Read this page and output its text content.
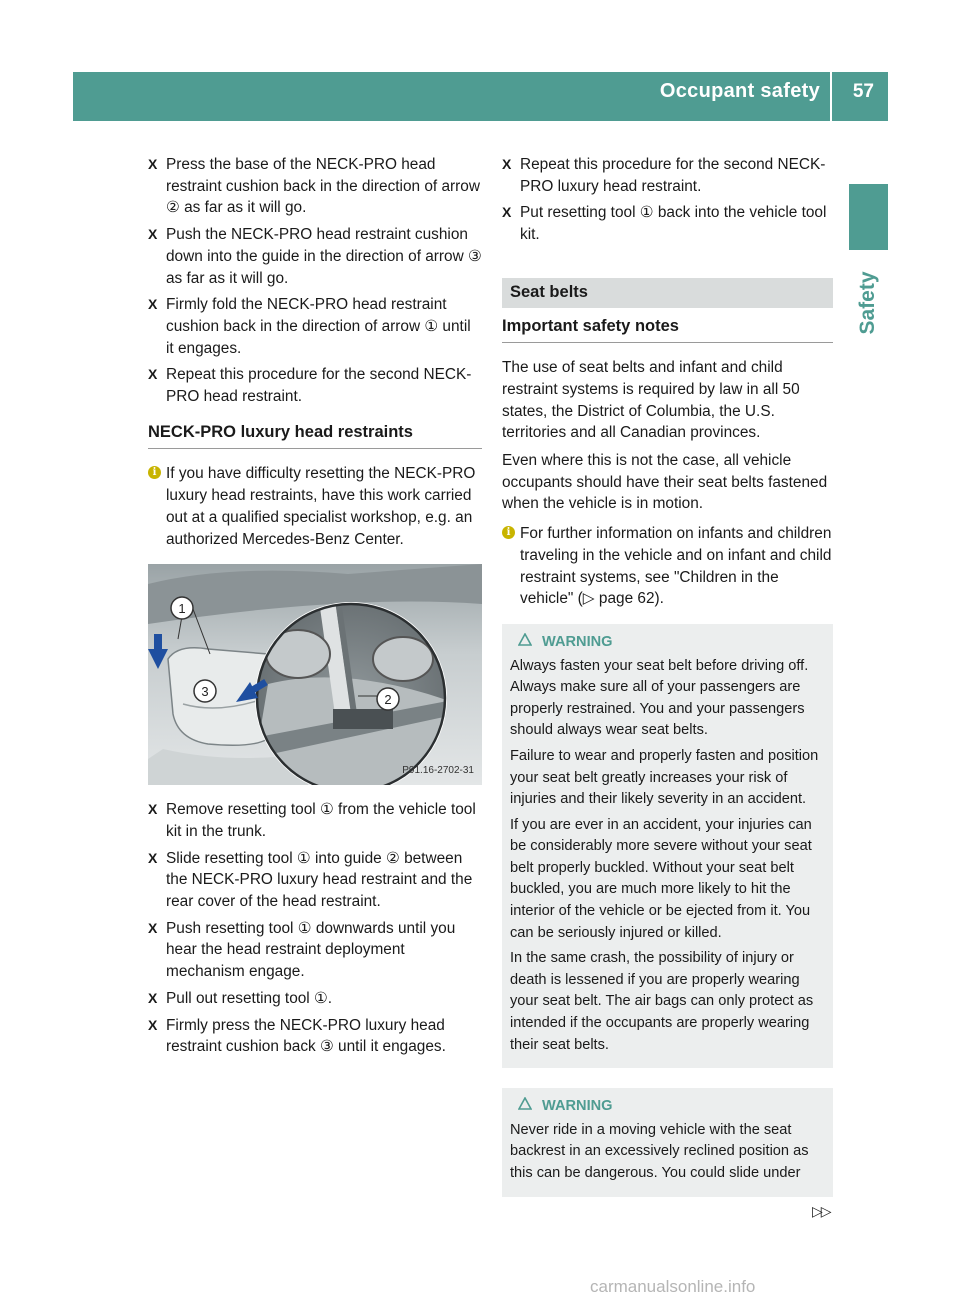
Occupant safety 57
Safety
X Press the base of the NECK-PRO head restraint cushion back in the direction of arrow ② as far as it will go.
X Push the NECK-PRO head restraint cushion down into the guide in the direction of arrow ③ as far as it will go.
X Firmly fold the NECK-PRO head restraint cushion back in the direction of arrow ① until it engages.
X Repeat this procedure for the second NECK-PRO head restraint.
NECK-PRO luxury head restraints
i If you have difficulty resetting the NECK-PRO luxury head restraints, have this work carried out at a qualified specialist workshop, e.g. an authorized Mercedes-Benz Center.
1
3
2
P91.16-2702-31
X Remove resetting tool ① from the vehicle tool kit in the trunk.
X Slide resetting tool ① into guide ② between the NECK-PRO luxury head restraint and the rear cover of the head restraint.
X Push resetting tool ① downwards until you hear the head restraint deployment mechanism engage.
X Pull out resetting tool ①.
X Firmly press the NECK-PRO luxury head restraint cushion back ③ until it engages.
X Repeat this procedure for the second NECK-PRO luxury head restraint.
X Put resetting tool ① back into the vehicle tool kit.
Seat belts
Important safety notes
The use of seat belts and infant and child restraint systems is required by law in all 50 states, the District of Columbia, the U.S. territories and all Canadian provinces.
Even where this is not the case, all vehicle occupants should have their seat belts fastened when the vehicle is in motion.
i For further information on infants and children traveling in the vehicle and on infant and child restraint systems, see "Children in the vehicle" (▷ page 62).
WARNING

Always fasten your seat belt before driving off. Always make sure all of your passengers are properly restrained. You and your passengers should always wear seat belts.

Failure to wear and properly fasten and position your seat belt greatly increases your risk of injuries and their likely severity in an accident.

If you are ever in an accident, your injuries can be considerably more severe without your seat belt properly buckled. Without your seat belt buckled, you are much more likely to hit the interior of the vehicle or be ejected from it. You can be seriously injured or killed.

In the same crash, the possibility of injury or death is lessened if you are properly wearing your seat belt. The air bags can only protect as intended if the occupants are properly wearing their seat belts.

WARNING

Never ride in a moving vehicle with the seat backrest in an excessively reclined position as this can be dangerous. You could slide under

▷▷
carmanualsonline.info
